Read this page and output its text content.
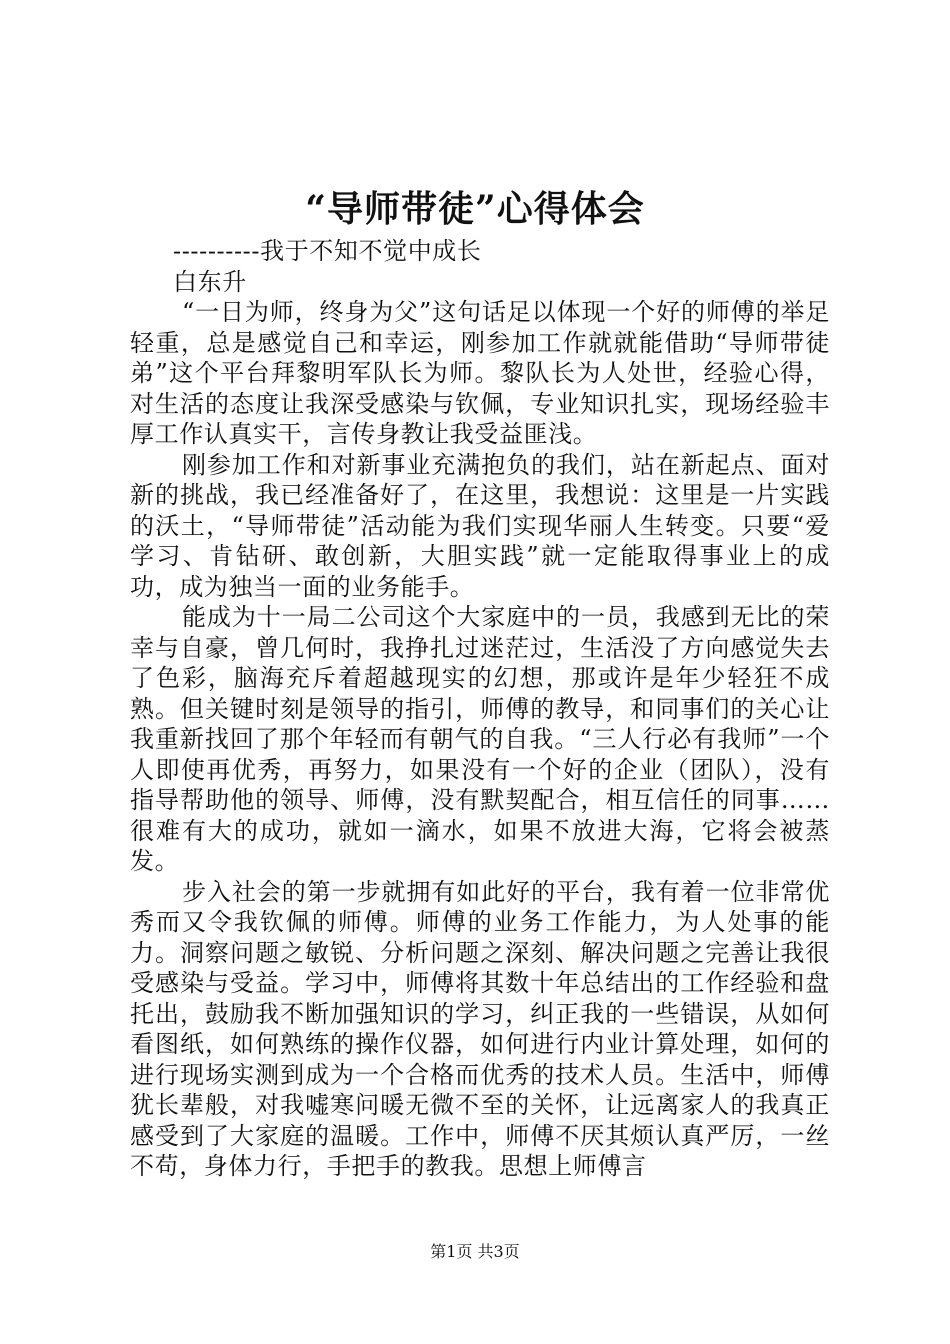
“导师带徒”心得体会

----------我于不知不觉中成长

白东升

“一日为师，终身为父”这句话足以体现一个好的师傅的举足轻重，总是感觉自己和幸运，刚参加工作就就能借助“导师带徒弟”这个平台拜黎明军队长为师。黎队长为人处世，经验心得，对生活的态度让我深受感染与钦佩，专业知识扎实，现场经验丰厚工作认真实干，言传身教让我受益匪浅。

刚参加工作和对新事业充满抱负的我们，站在新起点、面对新的挑战，我已经准备好了，在这里，我想说：这里是一片实践的沃土，“导师带徒”活动能为我们实现华丽人生转变。只要“爱学习、肯钻研、敢创新，大胆实践”就一定能取得事业上的成功，成为独当一面的业务能手。

能成为十一局二公司这个大家庭中的一员，我感到无比的荣幸与自豪，曾几何时，我挣扎过迷茫过，生活没了方向感觉失去了色彩，脑海充斥着超越现实的幻想，那或许是年少轻狂不成熟。但关键时刻是领导的指引，师傅的教导，和同事们的关心让我重新找回了那个年轻而有朝气的自我。“三人行必有我师”一个人即使再优秀，再努力，如果没有一个好的企业（团队），没有指导帮助他的领导、师傅，没有默契配合，相互信任的同事……很难有大的成功，就如一滴水，如果不放进大海，它将会被蒸发。

步入社会的第一步就拥有如此好的平台，我有着一位非常优秀而又令我钦佩的师傅。师傅的业务工作能力，为人处事的能力。洞察问题之敏锐、分析问题之深刻、解决问题之完善让我很受感染与受益。学习中，师傅将其数十年总结出的工作经验和盘托出，鼓励我不断加强知识的学习，纠正我的一些错误，从如何看图纸，如何熟练的操作仪器，如何进行内业计算处理，如何的进行现场实测到成为一个合格而优秀的技术人员。生活中，师傅犹长辈般，对我嘘寒问暖无微不至的关怀，让远离家人的我真正感受到了大家庭的温暖。工作中，师傅不厌其烦认真严厉，一丝不苟，身体力行，手把手的教我。思想上师傅言

第1页 共3页
